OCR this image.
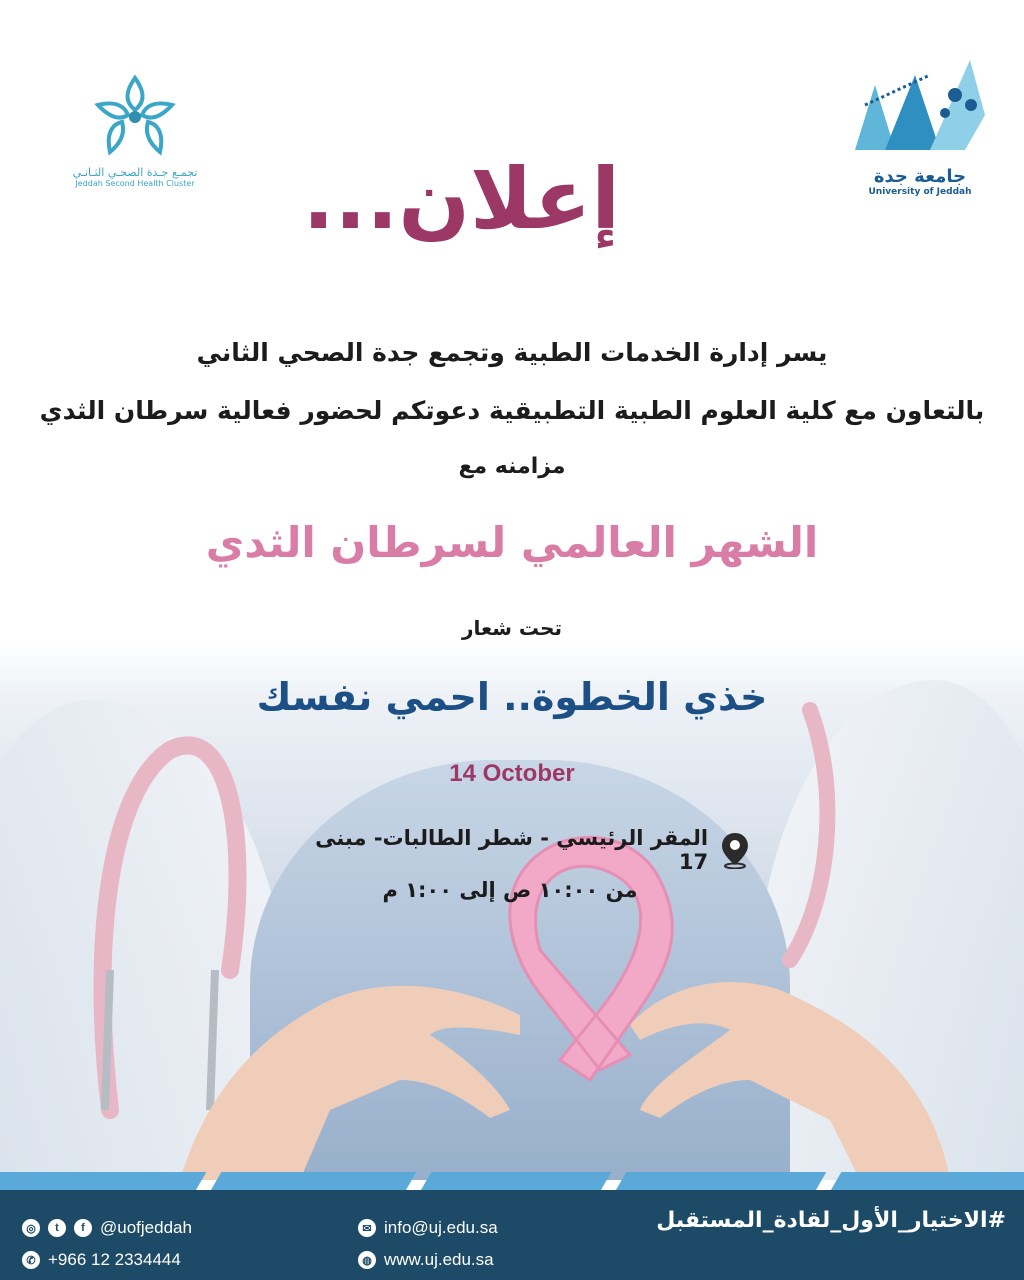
تجمـع جـدة الصحـي الثـانـي
Jeddah Second Health Cluster	جامعة جدة
University of Jeddah
إعلان...
يسر إدارة الخدمات الطبية وتجمع جدة الصحي الثاني
بالتعاون مع كلية العلوم الطبية التطبيقية دعوتكم لحضور فعالية سرطان الثدي
مزامنه مع
الشهر العالمي لسرطان الثدي
تحت شعار
خذي الخطوة.. احمي نفسك
14 October
المقر الرئيسي - شطر الطالبات- مبنى 17
من ١٠:٠٠ ص إلى ١:٠٠ م
◎	t	f @uofjeddah
✆ +966 12 2334444
✉ info@uj.edu.sa
◍ www.uj.edu.sa
#الاختيار_الأول_لقادة_المستقبل
